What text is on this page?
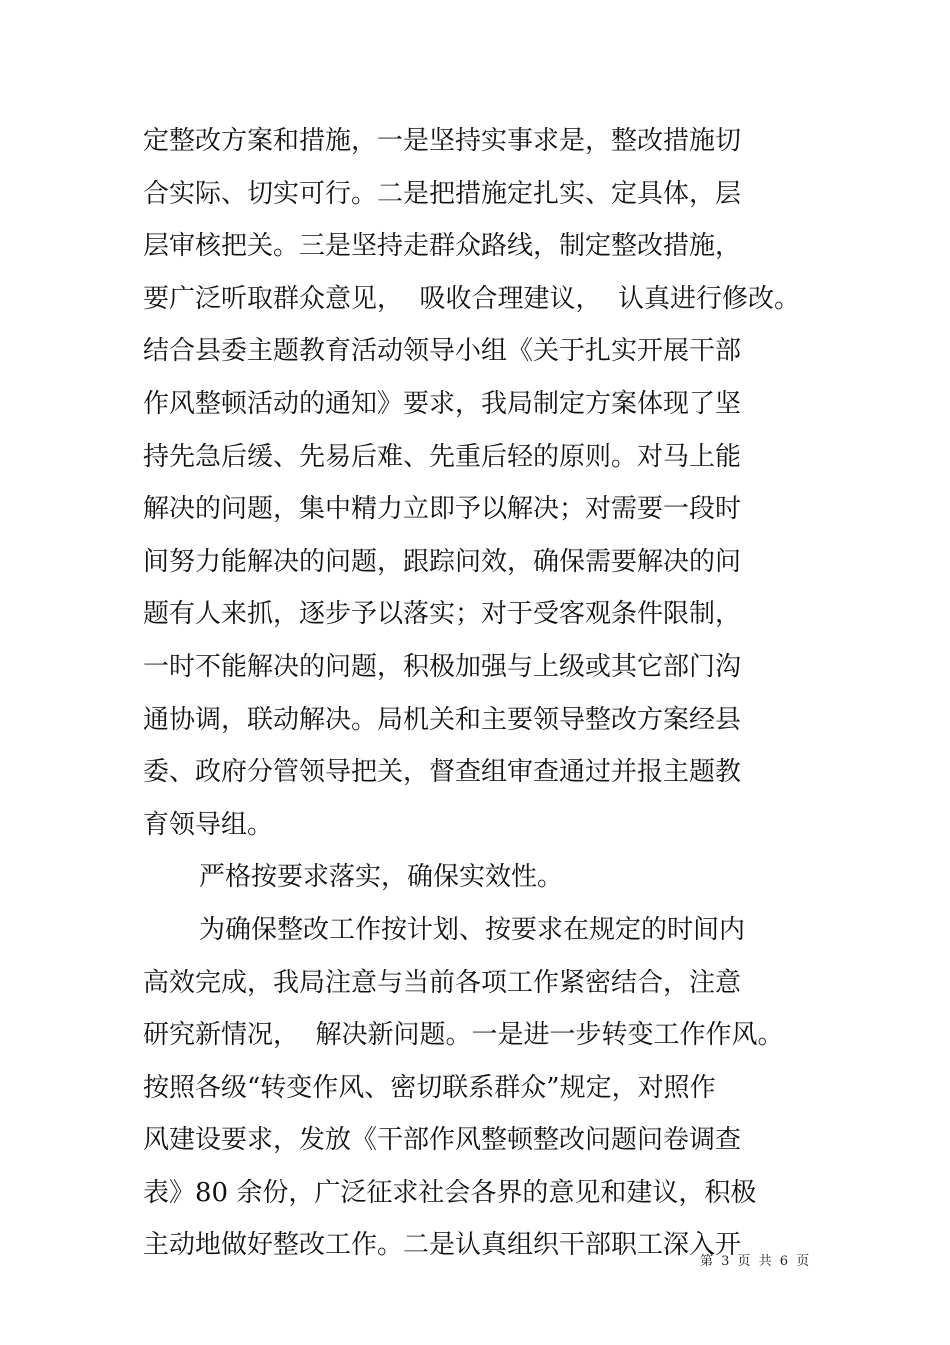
定整改方案和措施，一是坚持实事求是，整改措施切
合实际、切实可行。二是把措施定扎实、定具体，层
层审核把关。三是坚持走群众路线，制定整改措施，
要广泛听取群众意见，  吸收合理建议，  认真进行修改。
结合县委主题教育活动领导小组《关于扎实开展干部
作风整顿活动的通知》要求，我局制定方案体现了坚
持先急后缓、先易后难、先重后轻的原则。对马上能
解决的问题，集中精力立即予以解决；对需要一段时
间努力能解决的问题，跟踪问效，确保需要解决的问
题有人来抓，逐步予以落实；对于受客观条件限制，
一时不能解决的问题，积极加强与上级或其它部门沟
通协调，联动解决。局机关和主要领导整改方案经县
委、政府分管领导把关，督查组审查通过并报主题教
育领导组。
严格按要求落实，确保实效性。
为确保整改工作按计划、按要求在规定的时间内
高效完成，我局注意与当前各项工作紧密结合，注意
研究新情况，  解决新问题。一是进一步转变工作作风。
按照各级“转变作风、密切联系群众”规定，对照作
风建设要求，发放《干部作风整顿整改问题问卷调查
表》80 余份，广泛征求社会各界的意见和建议，积极
主动地做好整改工作。二是认真组织干部职工深入开
第 3 页 共 6 页
